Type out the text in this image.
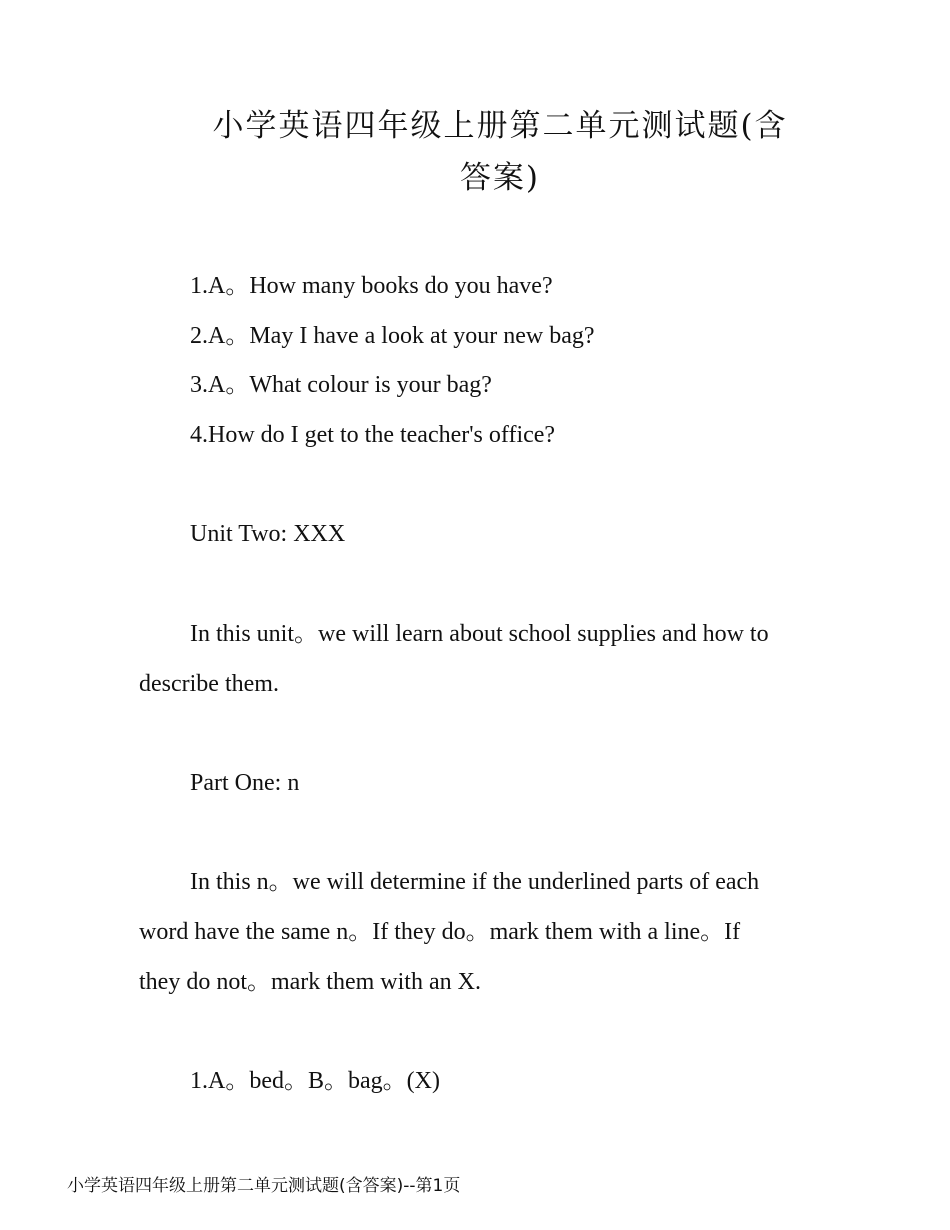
小学英语四年级上册第二单元测试题(含
答案)

1.A。How many books do you have?

2.A。May I have a look at your new bag?

3.A。What colour is your bag?

4.How do I get to the teacher's office?

Unit Two: XXX

In this unit。we will learn about school supplies and how to

describe them.

Part One: n

In this n。we will determine if the underlined parts of each

word have the same n。If they do。mark them with a line。If

they do not。mark them with an X.

1.A。bed。B。bag。(X)

小学英语四年级上册第二单元测试题(含答案)--第1页
